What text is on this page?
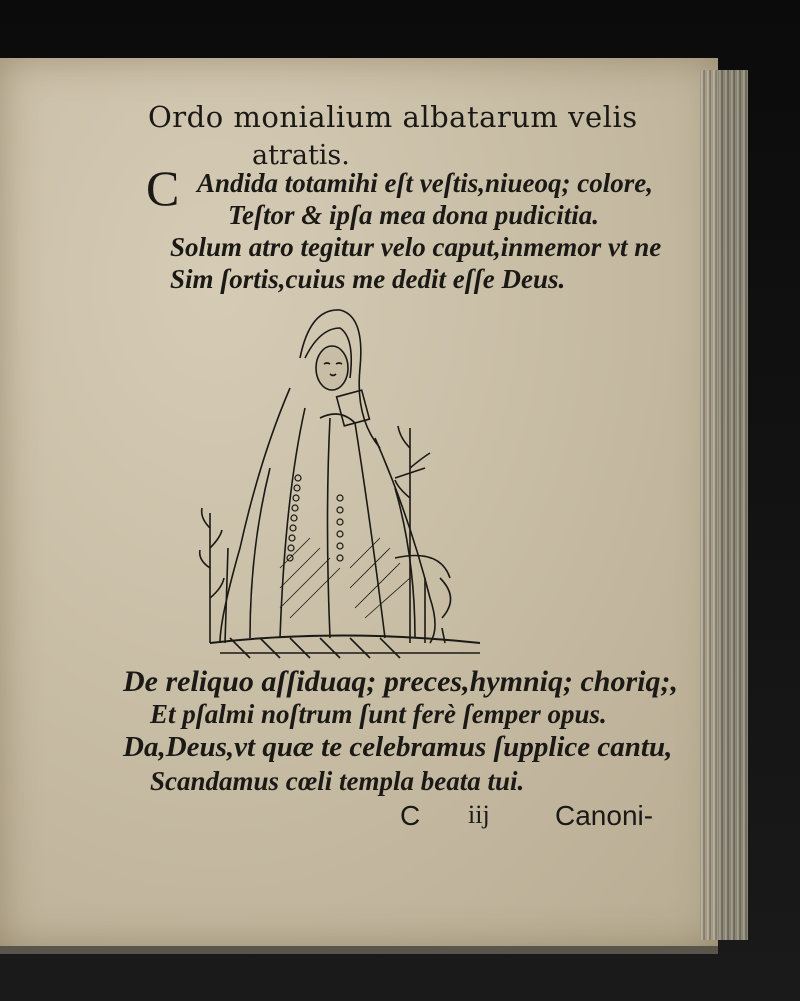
Ordo monialium albatarum velis
atratis.
C Andida totamihi eſt veſtis,niueoq; colore,
Teſtor & ipſa mea dona pudicitia.
Solum atro tegitur velo caput,inmemor vt ne
Sim ſortis,cuius me dedit eſſe Deus.
De reliquo aſſiduaq; preces,hymniq; choriq;,
Et pſalmi noſtrum ſunt ferè ſemper opus.
Da,Deus,vt quæ te celebramus ſupplice cantu,
Scandamus cœli templa beata tui.
C iij Canoni-
